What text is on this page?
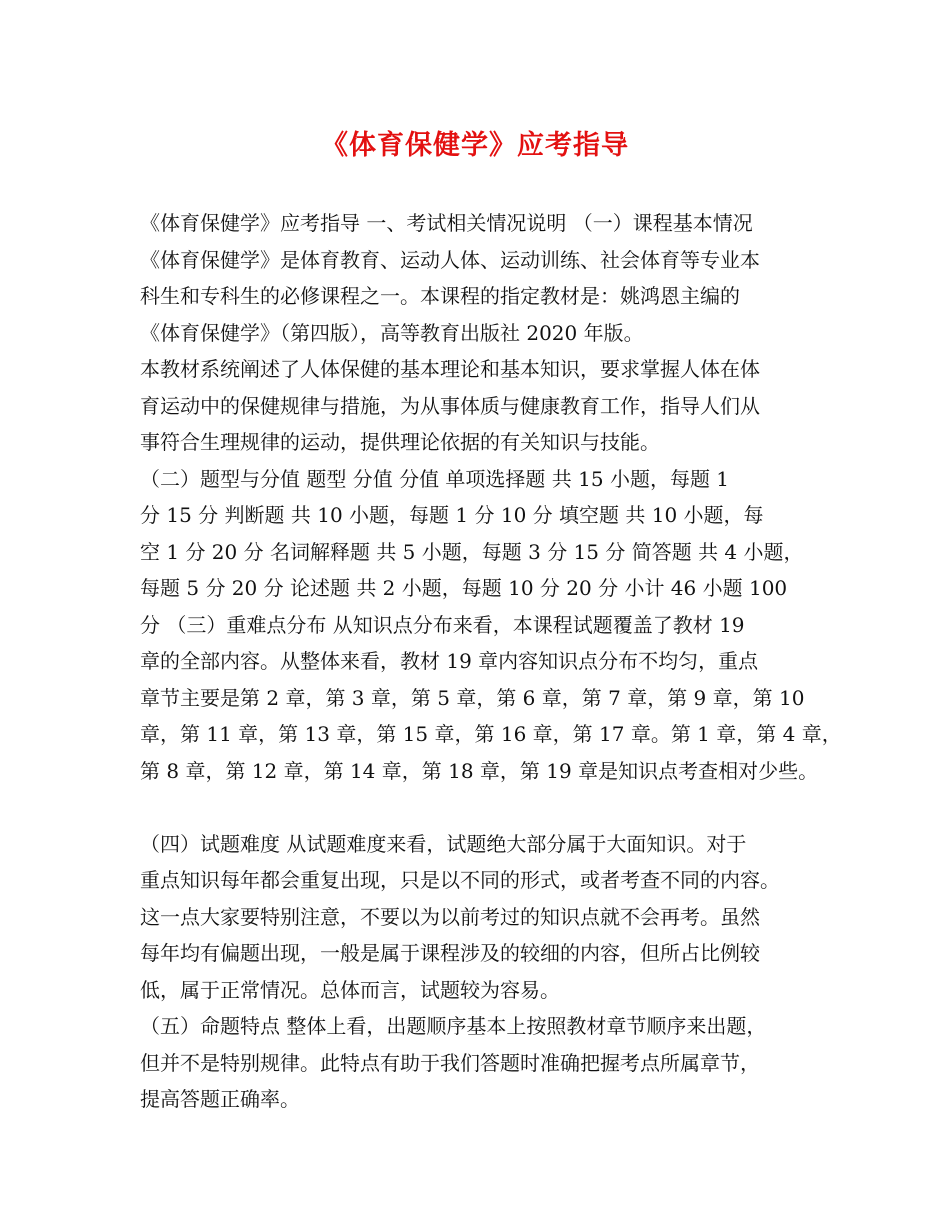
《体育保健学》应考指导
《体育保健学》应考指导 一、考试相关情况说明 （一）课程基本情况
《体育保健学》是体育教育、运动人体、运动训练、社会体育等专业本
科生和专科生的必修课程之一。本课程的指定教材是：姚鸿恩主编的
《体育保健学》（第四版），高等教育出版社 2020 年版。
本教材系统阐述了人体保健的基本理论和基本知识，要求掌握人体在体
育运动中的保健规律与措施，为从事体质与健康教育工作，指导人们从
事符合生理规律的运动，提供理论依据的有关知识与技能。
（二）题型与分值 题型 分值 分值 单项选择题 共 15 小题，每题 1
分 15 分 判断题 共 10 小题，每题 1 分 10 分 填空题 共 10 小题，每
空 1 分 20 分 名词解释题 共 5 小题，每题 3 分 15 分 简答题 共 4 小题，
每题 5 分 20 分 论述题 共 2 小题，每题 10 分 20 分 小计 46 小题 100
分 （三）重难点分布 从知识点分布来看，本课程试题覆盖了教材 19
章的全部内容。从整体来看，教材 19 章内容知识点分布不均匀，重点
章节主要是第 2 章，第 3 章，第 5 章，第 6 章，第 7 章，第 9 章，第 10
章，第 11 章，第 13 章，第 15 章，第 16 章，第 17 章。第 1 章，第 4 章，
第 8 章，第 12 章，第 14 章，第 18 章，第 19 章是知识点考查相对少些。
（四）试题难度 从试题难度来看，试题绝大部分属于大面知识。对于
重点知识每年都会重复出现，只是以不同的形式，或者考查不同的内容。
这一点大家要特别注意，不要以为以前考过的知识点就不会再考。虽然
每年均有偏题出现，一般是属于课程涉及的较细的内容，但所占比例较
低，属于正常情况。总体而言，试题较为容易。
（五）命题特点 整体上看，出题顺序基本上按照教材章节顺序来出题，
但并不是特别规律。此特点有助于我们答题时准确把握考点所属章节，
提高答题正确率。
